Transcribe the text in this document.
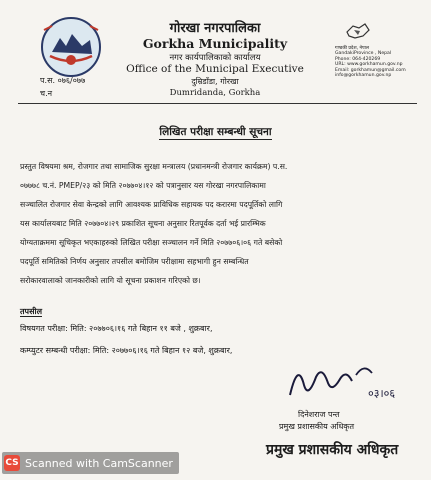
गोरखा नगरपालिका
Gorkha Municipality
नगर कार्यपालिकाको कार्यालय
Office of the Municipal Executive
दुम्रिडाँडा, गोरखा
Dumridanda, Gorkha
प.स. ०७६/०७७
च.न
गण्डकी प्रदेश, नेपाल
GandakiProvince , Nepal
Phone: 064-420269
URL: www.gorkhamun.gov.np
Email: gorkhamun@gmail.com
info@gorkhamun.gov.np
लिखित परीक्षा सम्बन्धी सूचना
प्रस्तुत विषयमा श्रम, रोजगार तथा सामाजिक सुरक्षा मन्त्रालय (प्रधानमन्त्री रोजगार कार्यक्रम) प.स.
०७७७८ च.नं. PMEP/२३ को मिति २०७७०४।१२ को पत्रानुसार यस गोरखा नगरपालिकामा
सञ्चालित रोजगार सेवा केन्द्रको लागि आवश्यक प्राविधिक सहायक पद करारमा पदपूर्तिको लागि
यस कार्यालयबाट मिति २०७७०४।२९ प्रकाशित सूचना अनुसार रितपूर्वक दर्ता भई प्रारम्भिक
योग्यताक्रममा सूचिकृत भएकाहरुको लिखित परीक्षा सञ्चालन गर्ने मिति २०७७०६।०६ गते बसेको
पदपूर्ति समितिको निर्णय अनुसार तपसील बमोजिम परीक्षामा सहभागी हुन सम्बन्धित
सरोकारवालाको जानकारीको लागि यो सूचना प्रकाशन गरिएको छ।
तपसील
विषयगत परीक्षा: मिति: २०७७०६।१६ गते बिहान ११ बजे , शुक्रबार,
कम्प्युटर सम्बन्धी परीक्षा: मिति: २०७७०६।१६ गते बिहान १२ बजे, शुक्रबार,
०३।०६
दिनेशराज पन्त
प्रमुख प्रशासकीय अधिकृत
प्रमुख प्रशासकीय अधिकृत
CS Scanned with CamScanner
